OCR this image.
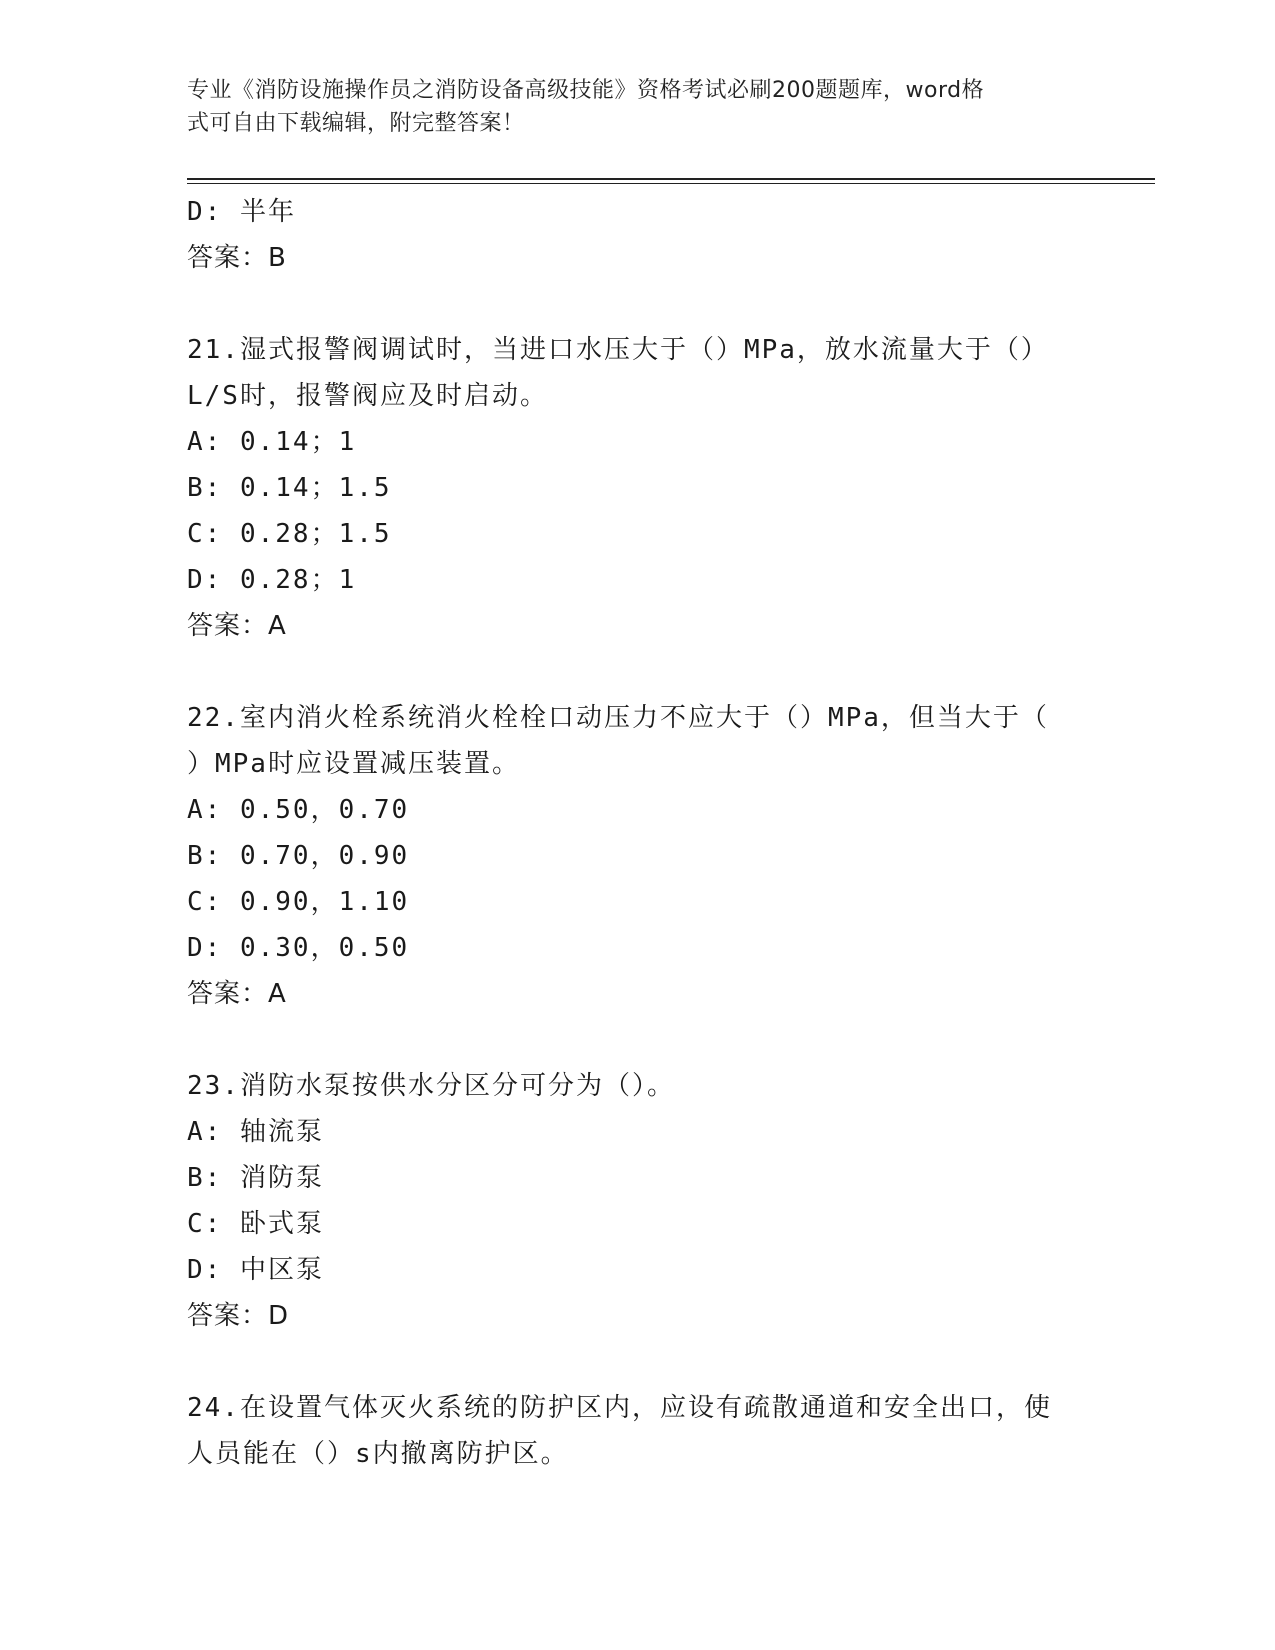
专业《消防设施操作员之消防设备高级技能》资格考试必刷200题题库，word格
式可自由下载编辑，附完整答案！
D: 半年
答案：B
21.湿式报警阀调试时，当进口水压大于（）MPa，放水流量大于（）
L/S时，报警阀应及时启动。
A: 0.14；1
B: 0.14；1.5
C: 0.28；1.5
D: 0.28；1
答案：A
22.室内消火栓系统消火栓栓口动压力不应大于（）MPa，但当大于（
）MPa时应设置减压装置。
A: 0.50，0.70
B: 0.70，0.90
C: 0.90，1.10
D: 0.30，0.50
答案：A
23.消防水泵按供水分区分可分为（）。
A: 轴流泵
B: 消防泵
C: 卧式泵
D: 中区泵
答案：D
24.在设置气体灭火系统的防护区内，应设有疏散通道和安全出口，使
人员能在（）s内撤离防护区。
